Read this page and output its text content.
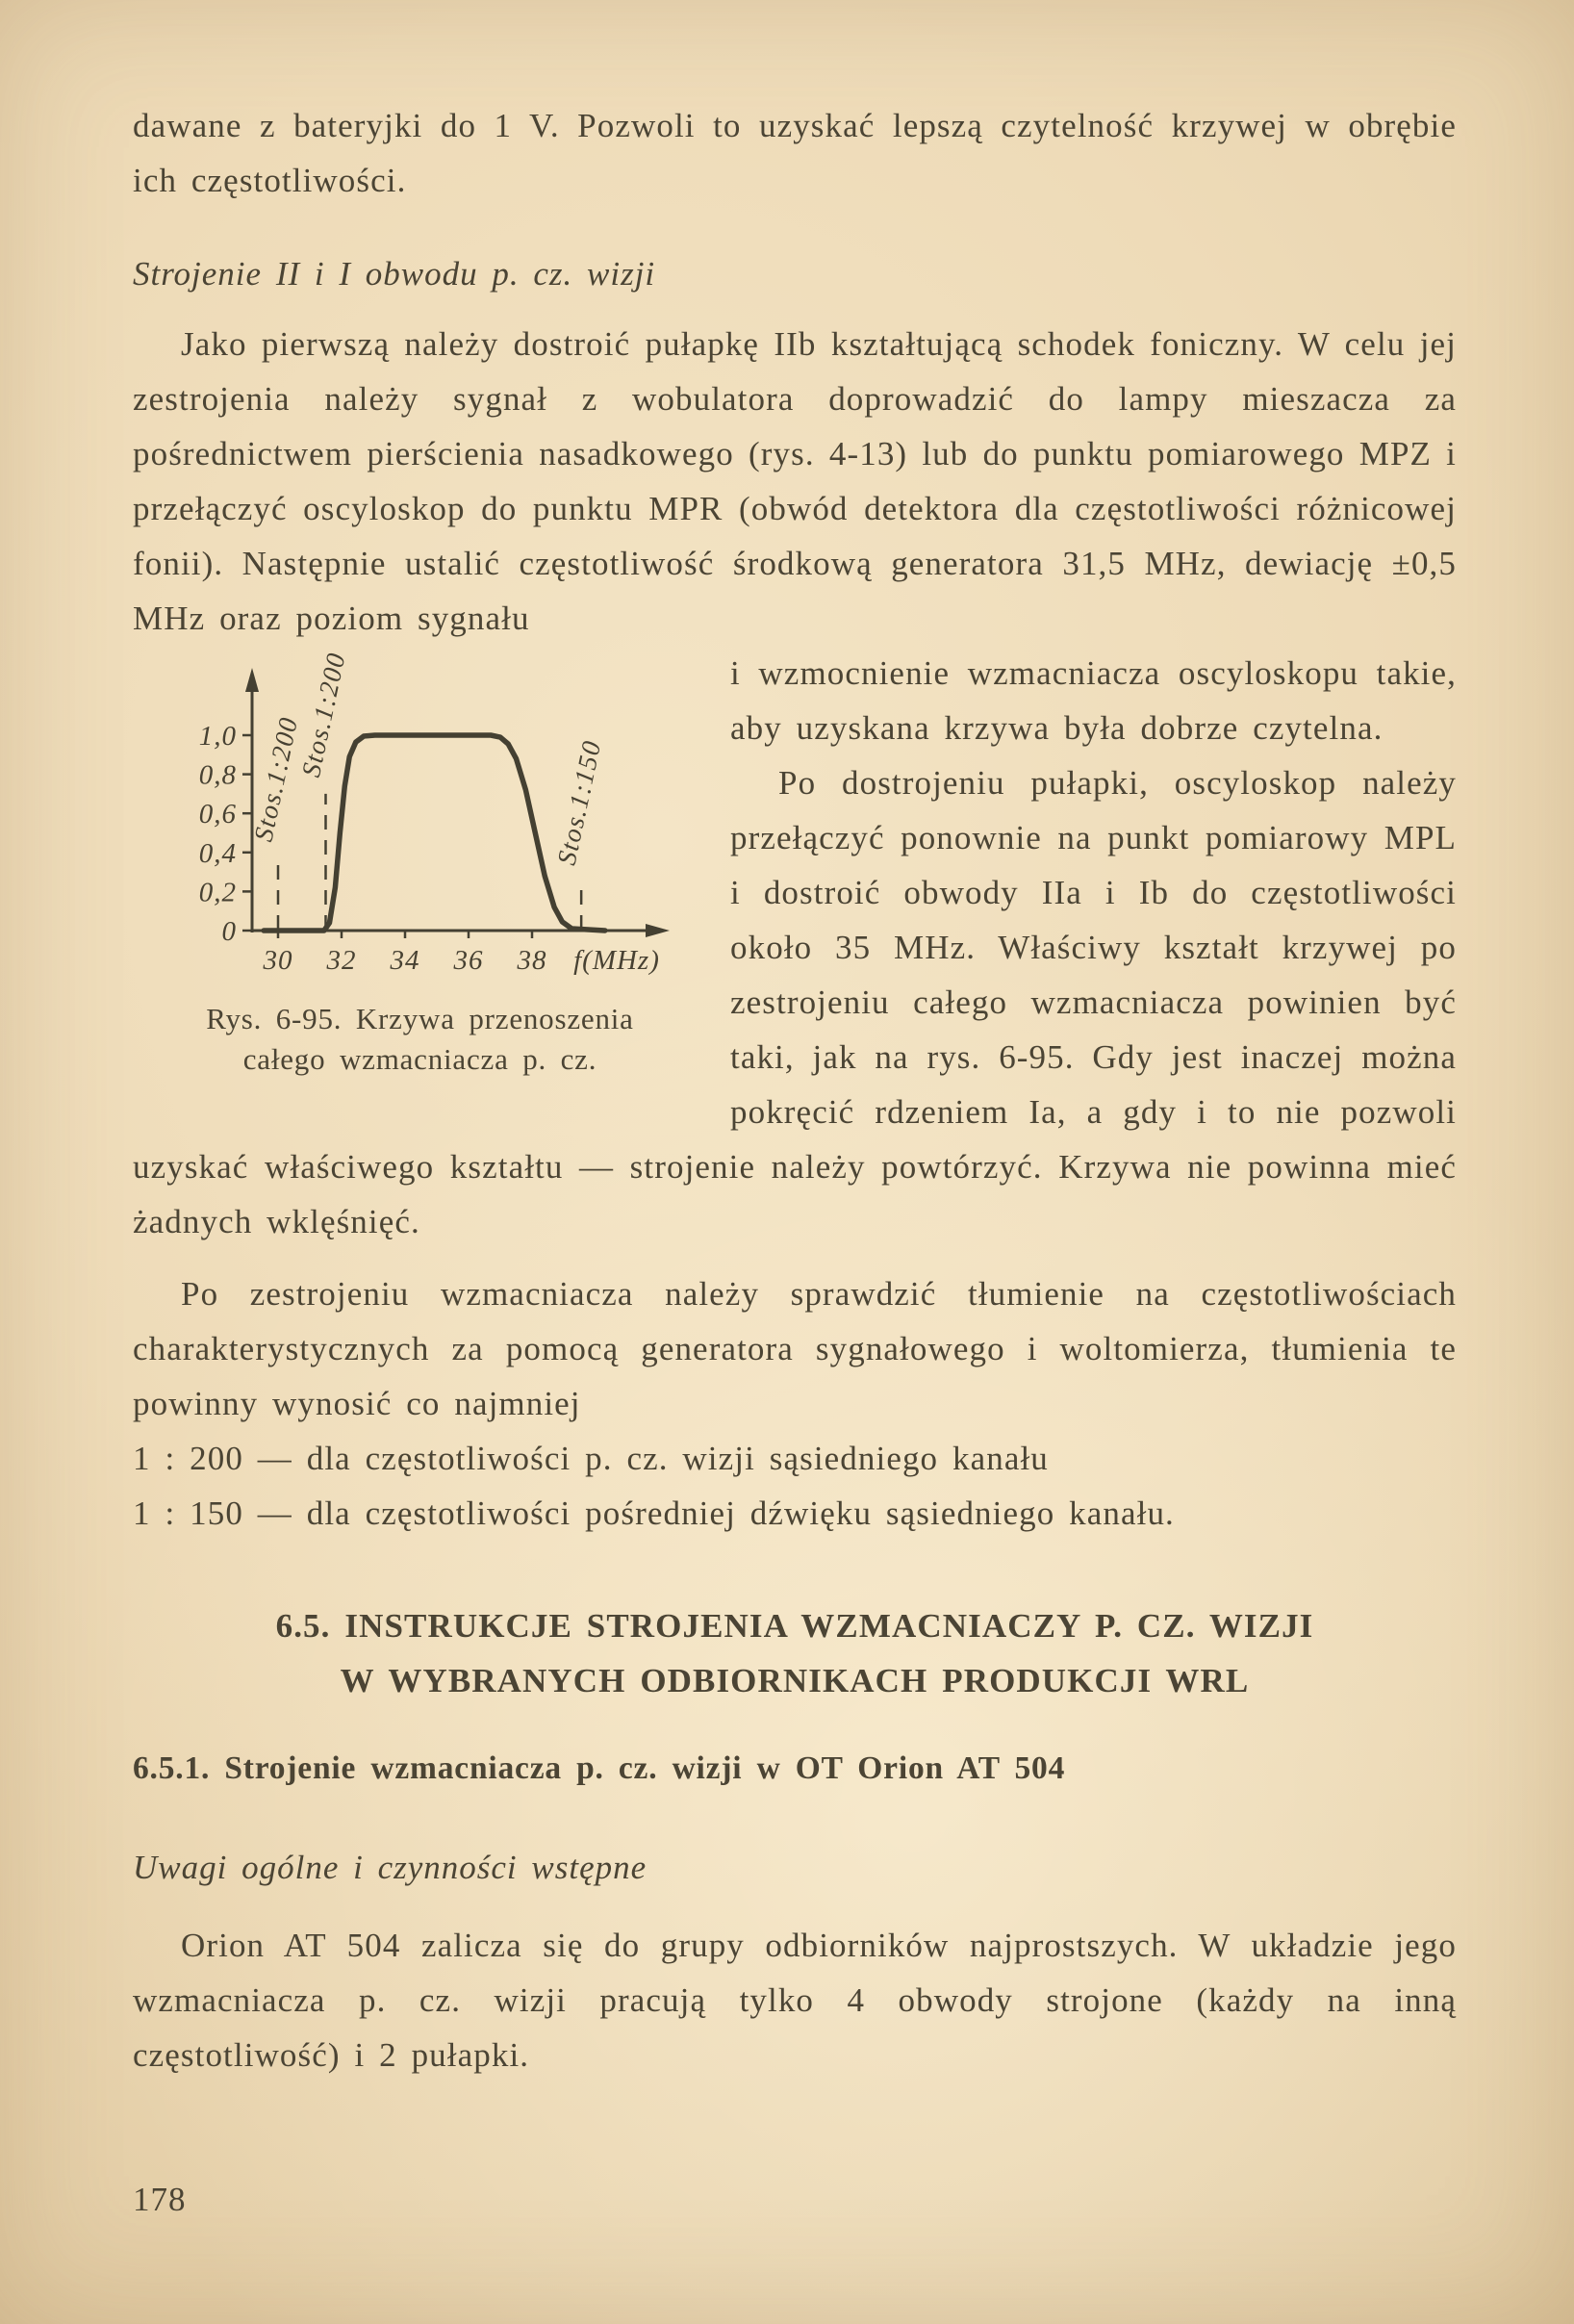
dawane z bateryjki do 1 V. Pozwoli to uzyskać lepszą czytelność krzywej w obrębie ich częstotliwości.

Strojenie II i I obwodu p. cz. wizji

Jako pierwszą należy dostroić pułapkę IIb kształtującą schodek foniczny. W celu jej zestrojenia należy sygnał z wobulatora doprowadzić do lampy mieszacza za pośrednictwem pierścienia nasadkowego (rys. 4-13) lub do punktu pomiarowego MPZ i przełączyć oscyloskop do punktu MPR (obwód detektora dla częstotliwości różnicowej fonii). Następnie ustalić częstotliwość środkową generatora 31,5 MHz, dewiację ±0,5 MHz oraz poziom sygnału

0
0,2
0,4
0,6
0,8
1,0
30 32 34 36 38 f(MHz)
Stos.1:200
Stos.1:200
Stos.1:150
Rys. 6-95. Krzywa przenoszenia całego wzmacniacza p. cz.

i wzmocnienie wzmacniacza oscyloskopu takie, aby uzyskana krzywa była dobrze czytelna.

Po dostrojeniu pułapki, oscyloskop należy przełączyć ponownie na punkt pomiarowy MPL i dostroić obwody IIa i Ib do częstotliwości około 35 MHz. Właściwy kształt krzywej po zestrojeniu całego wzmacniacza powinien być taki, jak na rys. 6-95. Gdy jest inaczej można pokręcić rdzeniem Ia, a gdy i to nie pozwoli uzyskać właściwego kształtu — strojenie należy powtórzyć. Krzywa nie powinna mieć żadnych wklęśnięć.

Po zestrojeniu wzmacniacza należy sprawdzić tłumienie na częstotliwościach charakterystycznych za pomocą generatora sygnałowego i woltomierza, tłumienia te powinny wynosić co najmniej

1 : 200 — dla częstotliwości p. cz. wizji sąsiedniego kanału

1 : 150 — dla częstotliwości pośredniej dźwięku sąsiedniego kanału.

6.5. INSTRUKCJE STROJENIA WZMACNIACZY P. CZ. WIZJI
W WYBRANYCH ODBIORNIKACH PRODUKCJI WRL

6.5.1. Strojenie wzmacniacza p. cz. wizji w OT Orion AT 504

Uwagi ogólne i czynności wstępne

Orion AT 504 zalicza się do grupy odbiorników najprostszych. W układzie jego wzmacniacza p. cz. wizji pracują tylko 4 obwody strojone (każdy na inną częstotliwość) i 2 pułapki.

178
